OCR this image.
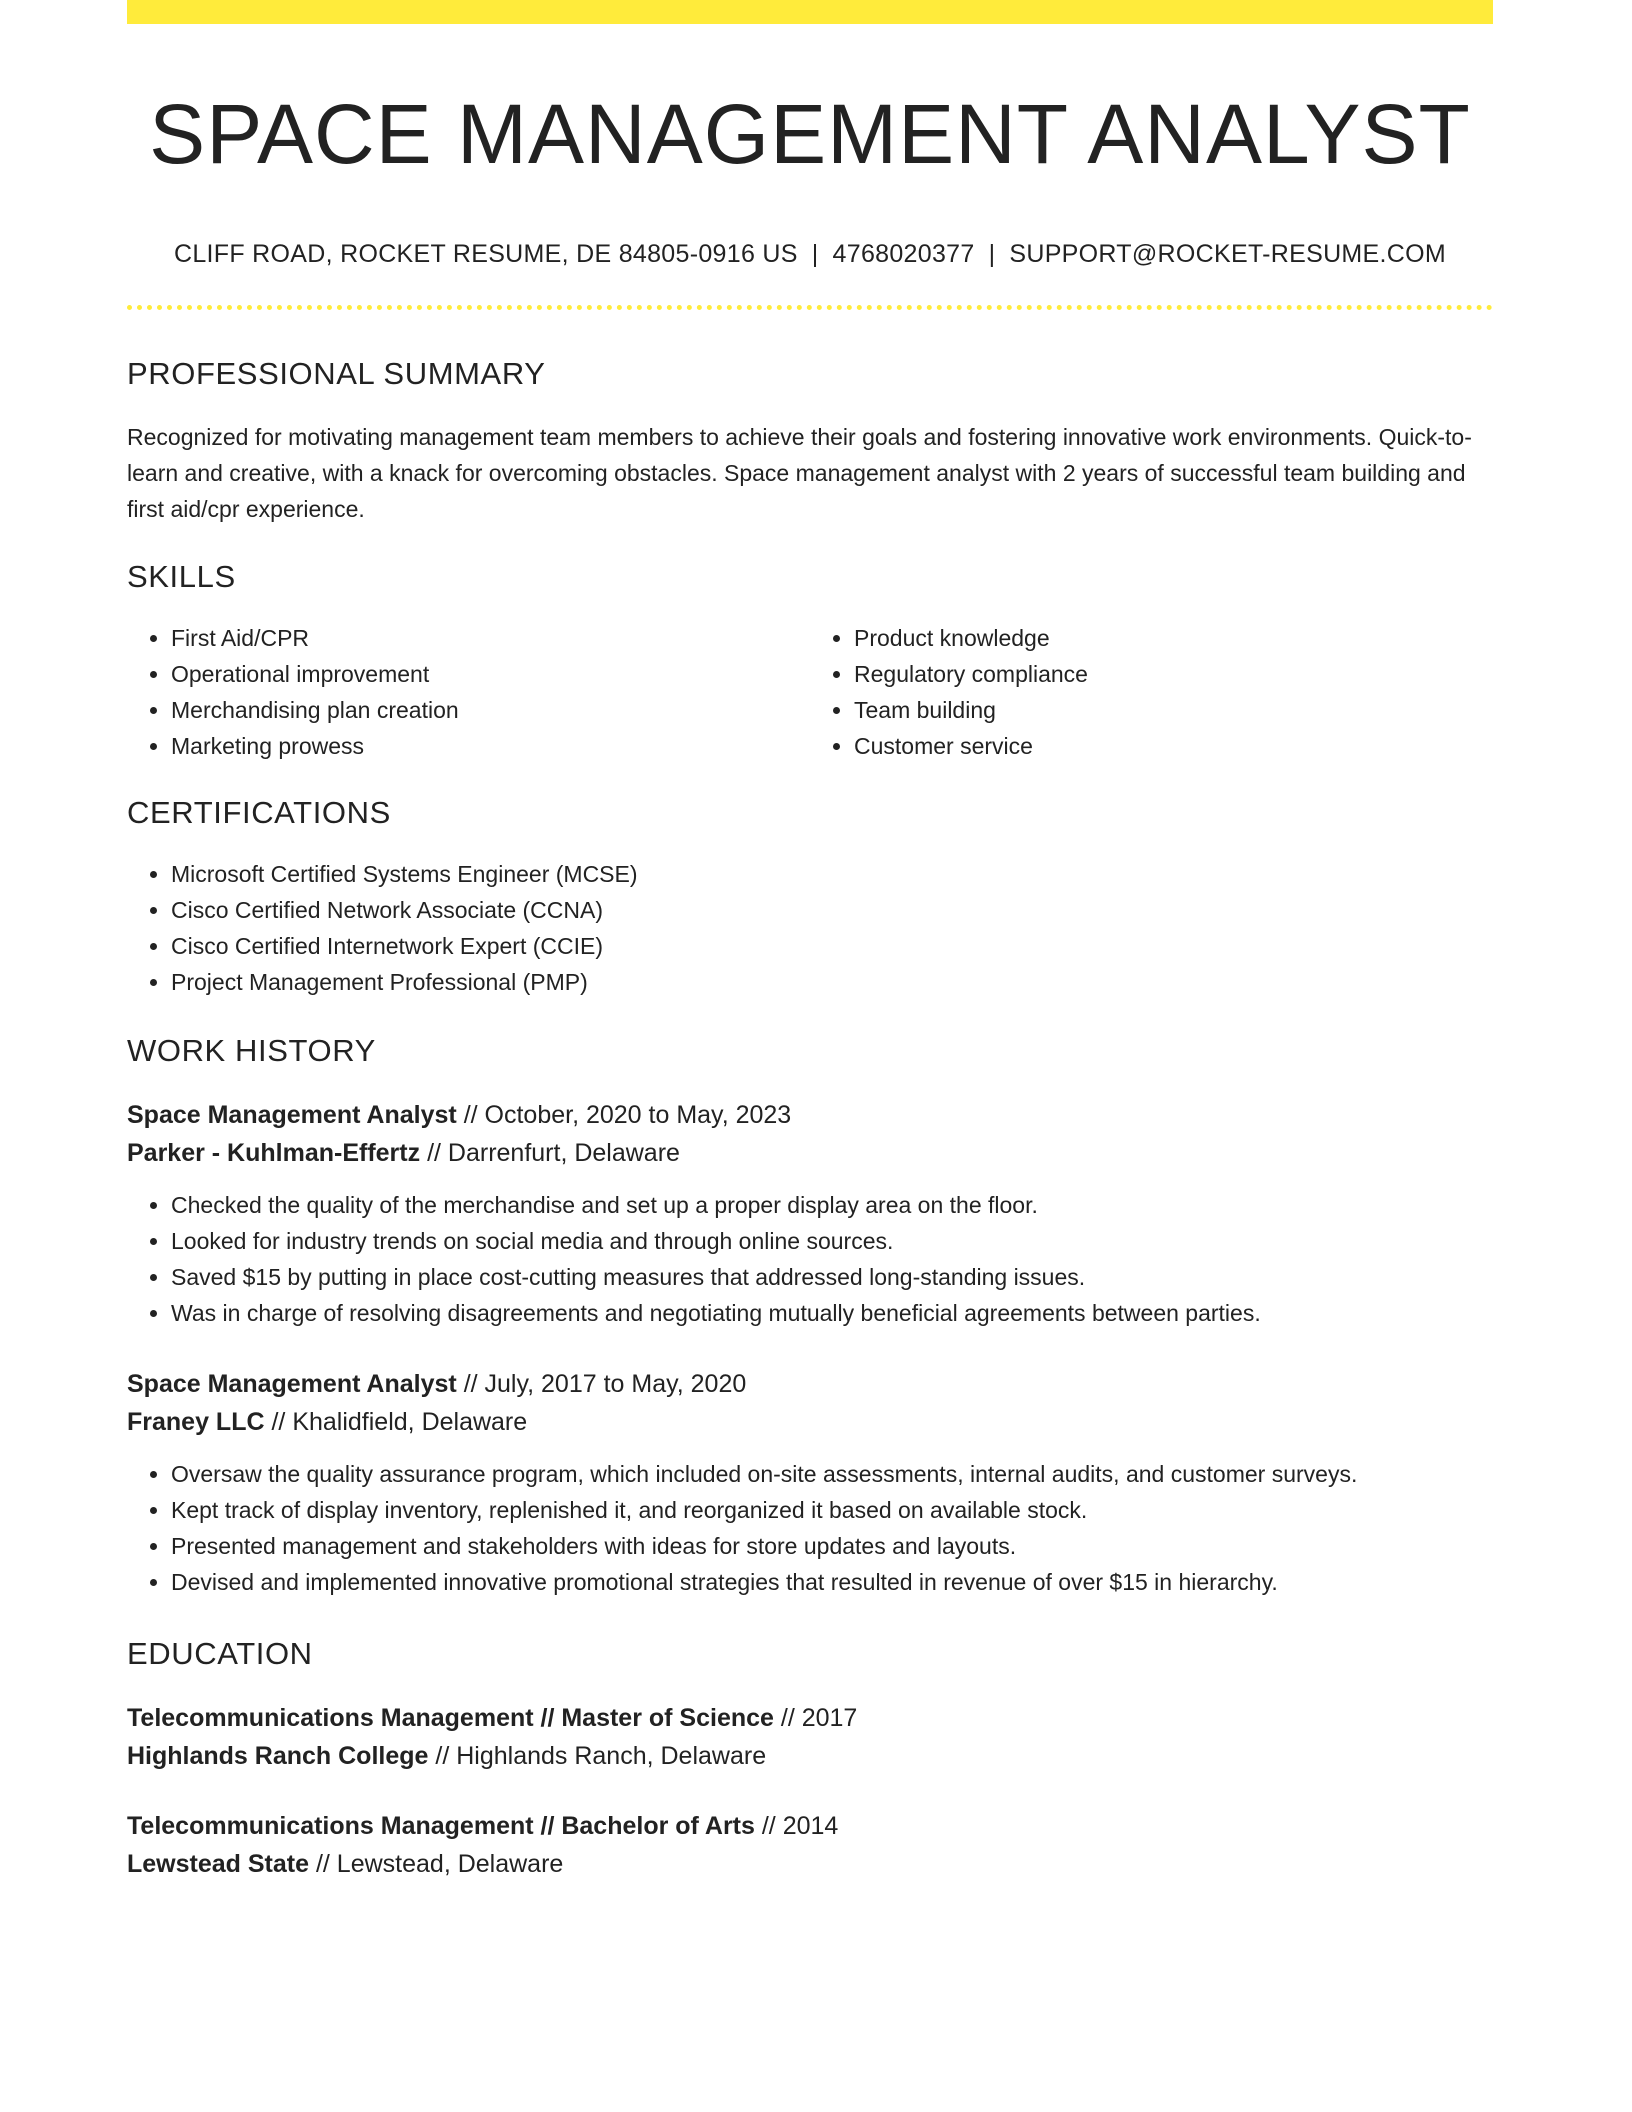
SPACE MANAGEMENT ANALYST
CLIFF ROAD, ROCKET RESUME, DE 84805-0916 US | 4768020377 | SUPPORT@ROCKET-RESUME.COM
PROFESSIONAL SUMMARY
Recognized for motivating management team members to achieve their goals and fostering innovative work environments. Quick-to-learn and creative, with a knack for overcoming obstacles. Space management analyst with 2 years of successful team building and first aid/cpr experience.
SKILLS
• First Aid/CPR
• Operational improvement
• Merchandising plan creation
• Marketing prowess
• Product knowledge
• Regulatory compliance
• Team building
• Customer service
CERTIFICATIONS
• Microsoft Certified Systems Engineer (MCSE)
• Cisco Certified Network Associate (CCNA)
• Cisco Certified Internetwork Expert (CCIE)
• Project Management Professional (PMP)
WORK HISTORY
Space Management Analyst // October, 2020 to May, 2023
Parker - Kuhlman-Effertz // Darrenfurt, Delaware
• Checked the quality of the merchandise and set up a proper display area on the floor.
• Looked for industry trends on social media and through online sources.
• Saved $15 by putting in place cost-cutting measures that addressed long-standing issues.
• Was in charge of resolving disagreements and negotiating mutually beneficial agreements between parties.
Space Management Analyst // July, 2017 to May, 2020
Franey LLC // Khalidfield, Delaware
• Oversaw the quality assurance program, which included on-site assessments, internal audits, and customer surveys.
• Kept track of display inventory, replenished it, and reorganized it based on available stock.
• Presented management and stakeholders with ideas for store updates and layouts.
• Devised and implemented innovative promotional strategies that resulted in revenue of over $15 in hierarchy.
EDUCATION
Telecommunications Management // Master of Science // 2017
Highlands Ranch College // Highlands Ranch, Delaware
Telecommunications Management // Bachelor of Arts // 2014
Lewstead State // Lewstead, Delaware
